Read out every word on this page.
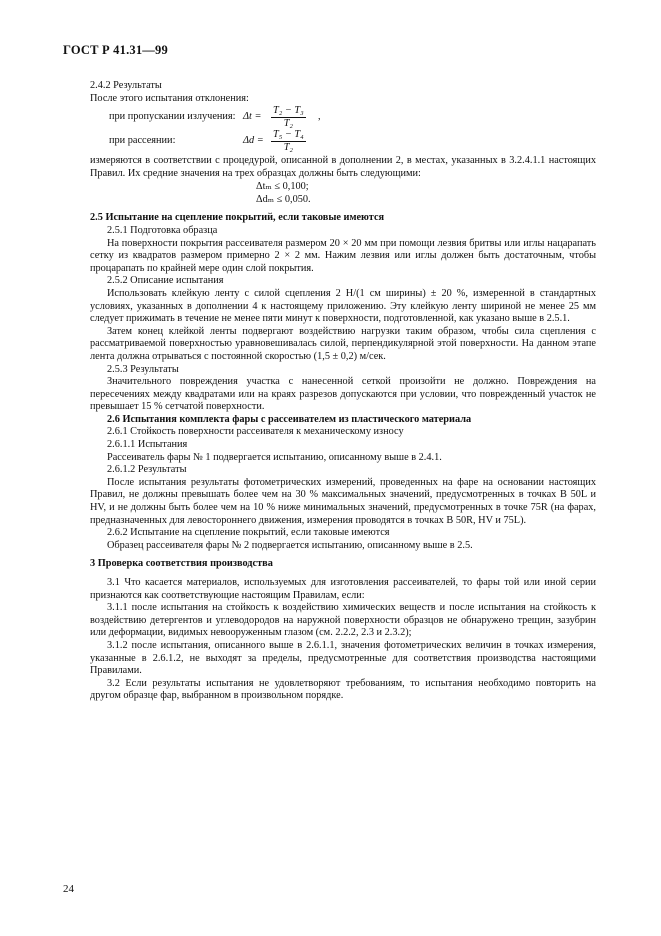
ГОСТ Р 41.31—99

2.4.2 Результаты

После этого испытания отклонения:

при пропускании излучения: $\Delta t = \frac{\text{T₂ − T₃}}{\text{T₂}}$ ,
при рассеянии:	$\Delta d = \frac{\text{T₅ − T₄}}{\text{T₂}}$

измеряются в соответствии с процедурой, описанной в дополнении 2, в местах, указанных в 3.2.4.1.1 настоящих Правил. Их средние значения на трех образцах должны быть следующими:

Δtₘ ≤ 0,100;

Δdₘ ≤ 0,050.

2.5 Испытание на сцепление покрытий, если таковые имеются

2.5.1 Подготовка образца

На поверхности покрытия рассеивателя размером 20 × 20 мм при помощи лезвия бритвы или иглы нацарапать сетку из квадратов размером примерно 2 × 2 мм. Нажим лезвия или иглы должен быть достаточным, чтобы процарапать по крайней мере один слой покрытия.

2.5.2 Описание испытания

Использовать клейкую ленту с силой сцепления 2 Н/(1 см ширины) ± 20 %, измеренной в стандартных условиях, указанных в дополнении 4 к настоящему приложению. Эту клейкую ленту шириной не менее 25 мм следует прижимать в течение не менее пяти минут к поверхности, подготовленной, как указано выше в 2.5.1.

Затем конец клейкой ленты подвергают воздействию нагрузки таким образом, чтобы сила сцепления с рассматриваемой поверхностью уравновешивалась силой, перпендикулярной этой поверхности. На данном этапе лента должна отрываться с постоянной скоростью (1,5 ± 0,2) м/сек.

2.5.3 Результаты

Значительного повреждения участка с нанесенной сеткой произойти не должно. Повреждения на пересечениях между квадратами или на краях разрезов допускаются при условии, что поврежденный участок не превышает 15 % сетчатой поверхности.

2.6 Испытания комплекта фары с рассеивателем из пластического материала

2.6.1 Стойкость поверхности рассеивателя к механическому износу

2.6.1.1 Испытания

Рассеиватель фары № 1 подвергается испытанию, описанному выше в 2.4.1.

2.6.1.2 Результаты

После испытания результаты фотометрических измерений, проведенных на фаре на основании настоящих Правил, не должны превышать более чем на 30 % максимальных значений, предусмотренных в точках B 50L и HV, и не должны быть более чем на 10 % ниже минимальных значений, предусмотренных в точке 75R (на фарах, предназначенных для левостороннего движения, измерения проводятся в точках B 50R, HV и 75L).

2.6.2 Испытание на сцепление покрытий, если таковые имеются

Образец рассеивателя фары № 2 подвергается испытанию, описанному выше в 2.5.

3 Проверка соответствия производства

3.1 Что касается материалов, используемых для изготовления рассеивателей, то фары той или иной серии признаются как соответствующие настоящим Правилам, если:

3.1.1 после испытания на стойкость к воздействию химических веществ и после испытания на стойкость к воздействию детергентов и углеводородов на наружной поверхности образцов не обнаружено трещин, зазубрин или деформации, видимых невооруженным глазом (см. 2.2.2, 2.3 и 2.3.2);

3.1.2 после испытания, описанного выше в 2.6.1.1, значения фотометрических величин в точках измерения, указанные в 2.6.1.2, не выходят за пределы, предусмотренные для соответствия производства настоящими Правилами.

3.2 Если результаты испытания не удовлетворяют требованиям, то испытания необходимо повторить на другом образце фар, выбранном в произвольном порядке.

24
